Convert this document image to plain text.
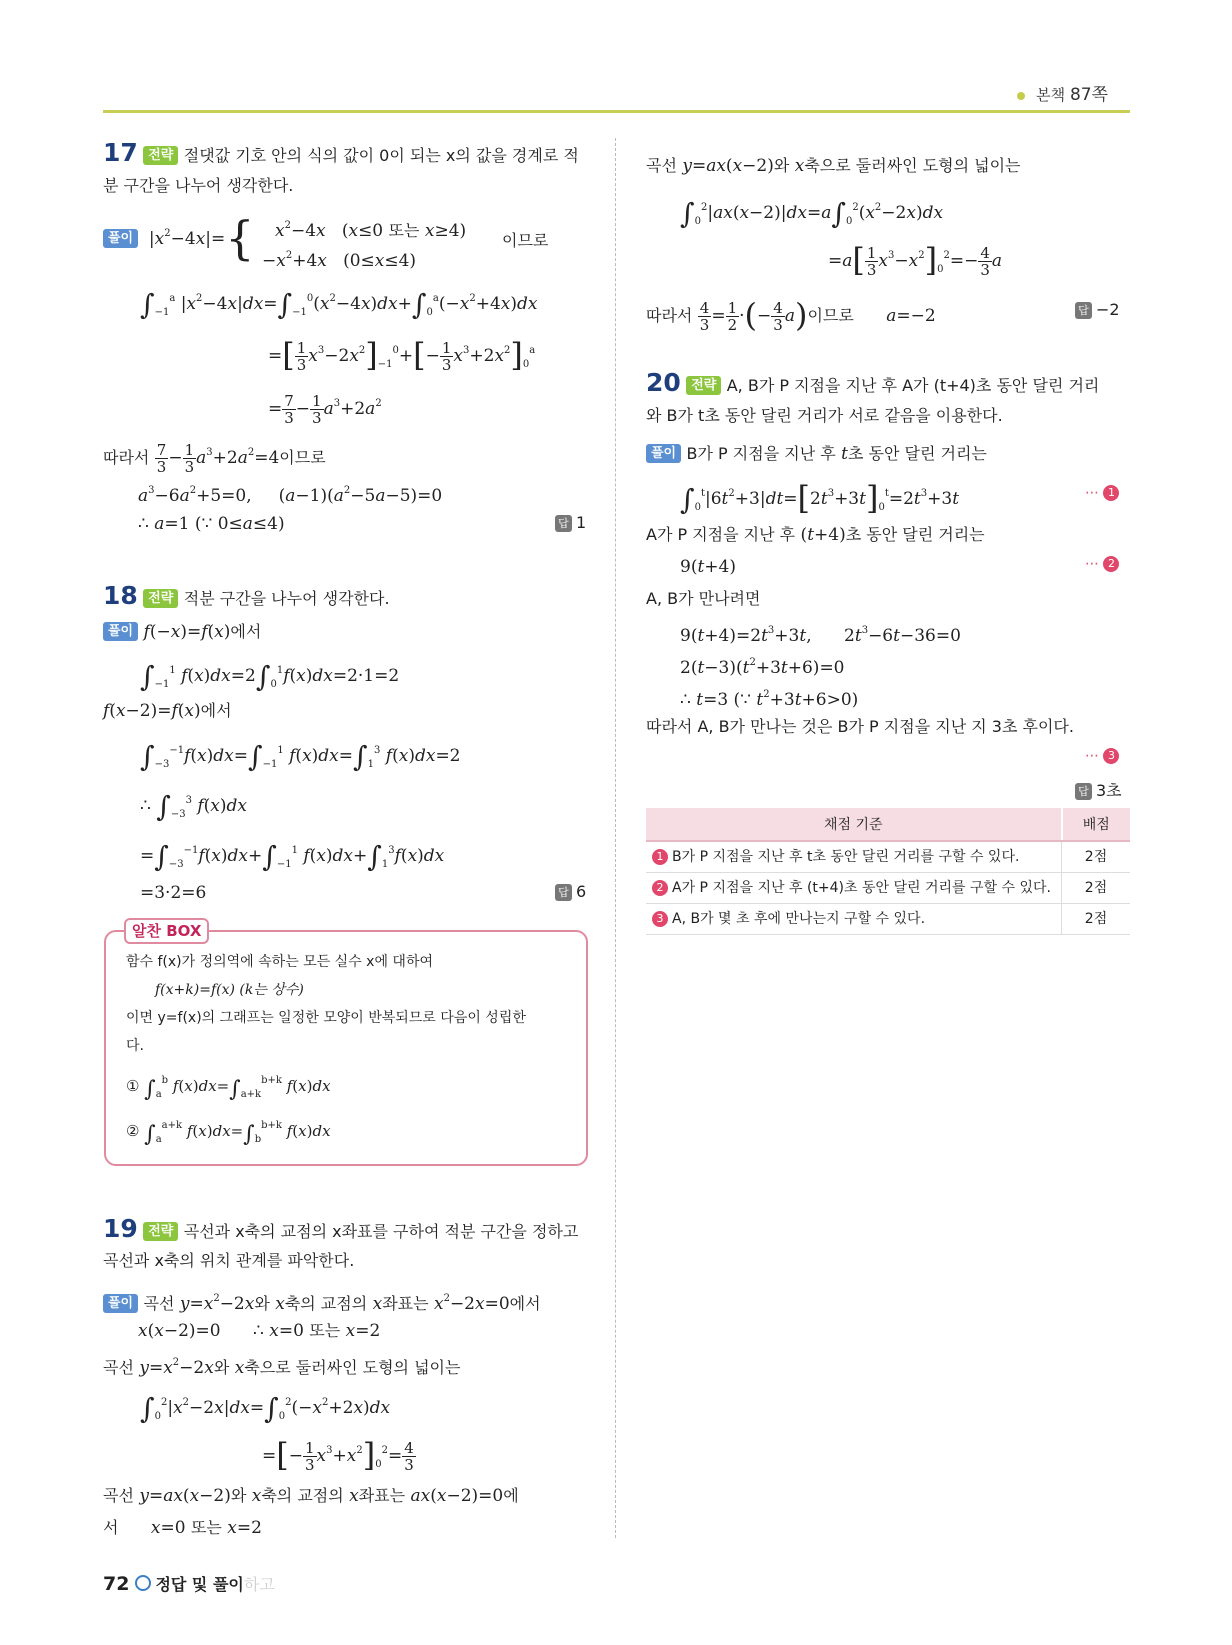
본책 87쪽
17 전략 절댓값 기호 안의 식의 값이 0이 되는 x의 값을 경계로 적
분 구간을 나누어 생각한다.
풀이  $|x^2-4x|=${ $x^2-4x$   (x≤0 또는 x≥4)
$-x^2+4x$   (0≤x≤4)
이므로
$\int_{-1}^a$ $|x^2-4x|dx=\int_{-1}^0(x^2-4x)dx+\int_0^a(-x^2+4x)dx$
=[ $\frac{1}{3} x^3-2x^2]_{-1}^0+[- \frac{1}{3} x^3+2x^2]_0^a$
= $\frac{7}{3} - \frac{1}{3} a^3+2a^2$
따라서 $\frac{7}{3} - \frac{1}{3} a^3+2a^2=4$이므로
$a^3-6a^2+5=0$,     $(a-1)(a^2-5a-5)=0$
∴ a=1 (∵ 0≤a≤4)	답 1
18 전략 적분 구간을 나누어 생각한다.
풀이 f(−x)=f(x)에서
$\int_{-1}^1$ $f(x)dx=2\int_0^1f(x)dx=2\cdot 1=2$
f(x−2)=f(x)에서
$\int_{-3}^{-1}f(x)dx=\int_{-1}^1$ $f(x)dx=\int_1^3$ f(x)dx=2
∴ $\int_{-3}^3$ f(x)dx
$=\int_{-3}^{-1}f(x)dx+\int_{-1}^1$ $f(x)dx+\int_1^3f(x)dx$
=3·2=6	답 6
알찬 BOX
함수 f(x)가 정의역에 속하는 모든 실수 x에 대하여
f(x+k)=f(x) (k는 상수)
이면 y=f(x)의 그래프는 일정한 모양이 반복되므로 다음이 성립한
다.
① $\int_a^b$ $f(x)dx=\int_{a+k}^{b+k}$ f(x)dx
② $\int_a^{a+k}$ $f(x)dx=\int_b^{b+k}$ f(x)dx
19 전략 곡선과 x축의 교점의 x좌표를 구하여 적분 구간을 정하고
곡선과 x축의 위치 관계를 파악한다.
풀이 곡선 $y=x^2-2x$와 x축의 교점의 x좌표는 $x^2-2x=0$에서
x(x−2)=0      ∴ x=0 또는 x=2
곡선 $y=x^2-2x$와 x축으로 둘러싸인 도형의 넓이는
$\int_0^2|x^2-2x|dx=\int_0^2(-x^2+2x)dx$
=[− $\frac{1}{3} x^3+x^2]_0^2= \frac{4}{3}$
곡선 y=ax(x−2)와 x축의 교점의 x좌표는 ax(x−2)=0에
서 x=0 또는 x=2
곡선 y=ax(x−2)와 x축으로 둘러싸인 도형의 넓이는
$\int_0^2|ax(x-2)|dx=a\int_0^2(x^2-2x)dx$
$=a[ \frac{1}{3} x^3-x^2]_0^2=- \frac{4}{3}$ a
따라서 $\frac{4}{3} = \frac{1}{2}$ ·(− $\frac{4}{3} a$)이므로 a=−2	답 −2
20 전략 A, B가 P 지점을 지난 후 A가 (t+4)초 동안 달린 거리
와 B가 t초 동안 달린 거리가 서로 같음을 이용한다.
풀이 B가 P 지점을 지난 후 t초 동안 달린 거리는
$\int_0^t|6t^2+3|dt=[2t^3+3t]_0^t=2t^3+3t$	⋯ 1
A가 P 지점을 지난 후 (t+4)초 동안 달린 거리는
9(t+4)	⋯ 2
A, B가 만나려면
$9(t+4)=2t^3+3t$,      $2t^3-6t-36=0$
$2(t-3)(t^2+3t+6)=0$
∴ t=3 (∵ $t^2+3t+6>0$)
따라서 A, B가 만나는 것은 B가 P 지점을 지난 지 3초 후이다.
⋯ 3
답 3초
채점 기준	배점
1 B가 P 지점을 지난 후 t초 동안 달린 거리를 구할 수 있다.	2점
2 A가 P 지점을 지난 후 (t+4)초 동안 달린 거리를 구할 수 있다.	2점
3 A, B가 몇 초 후에 만나는지 구할 수 있다.	2점
72 정답 및 풀이하고
